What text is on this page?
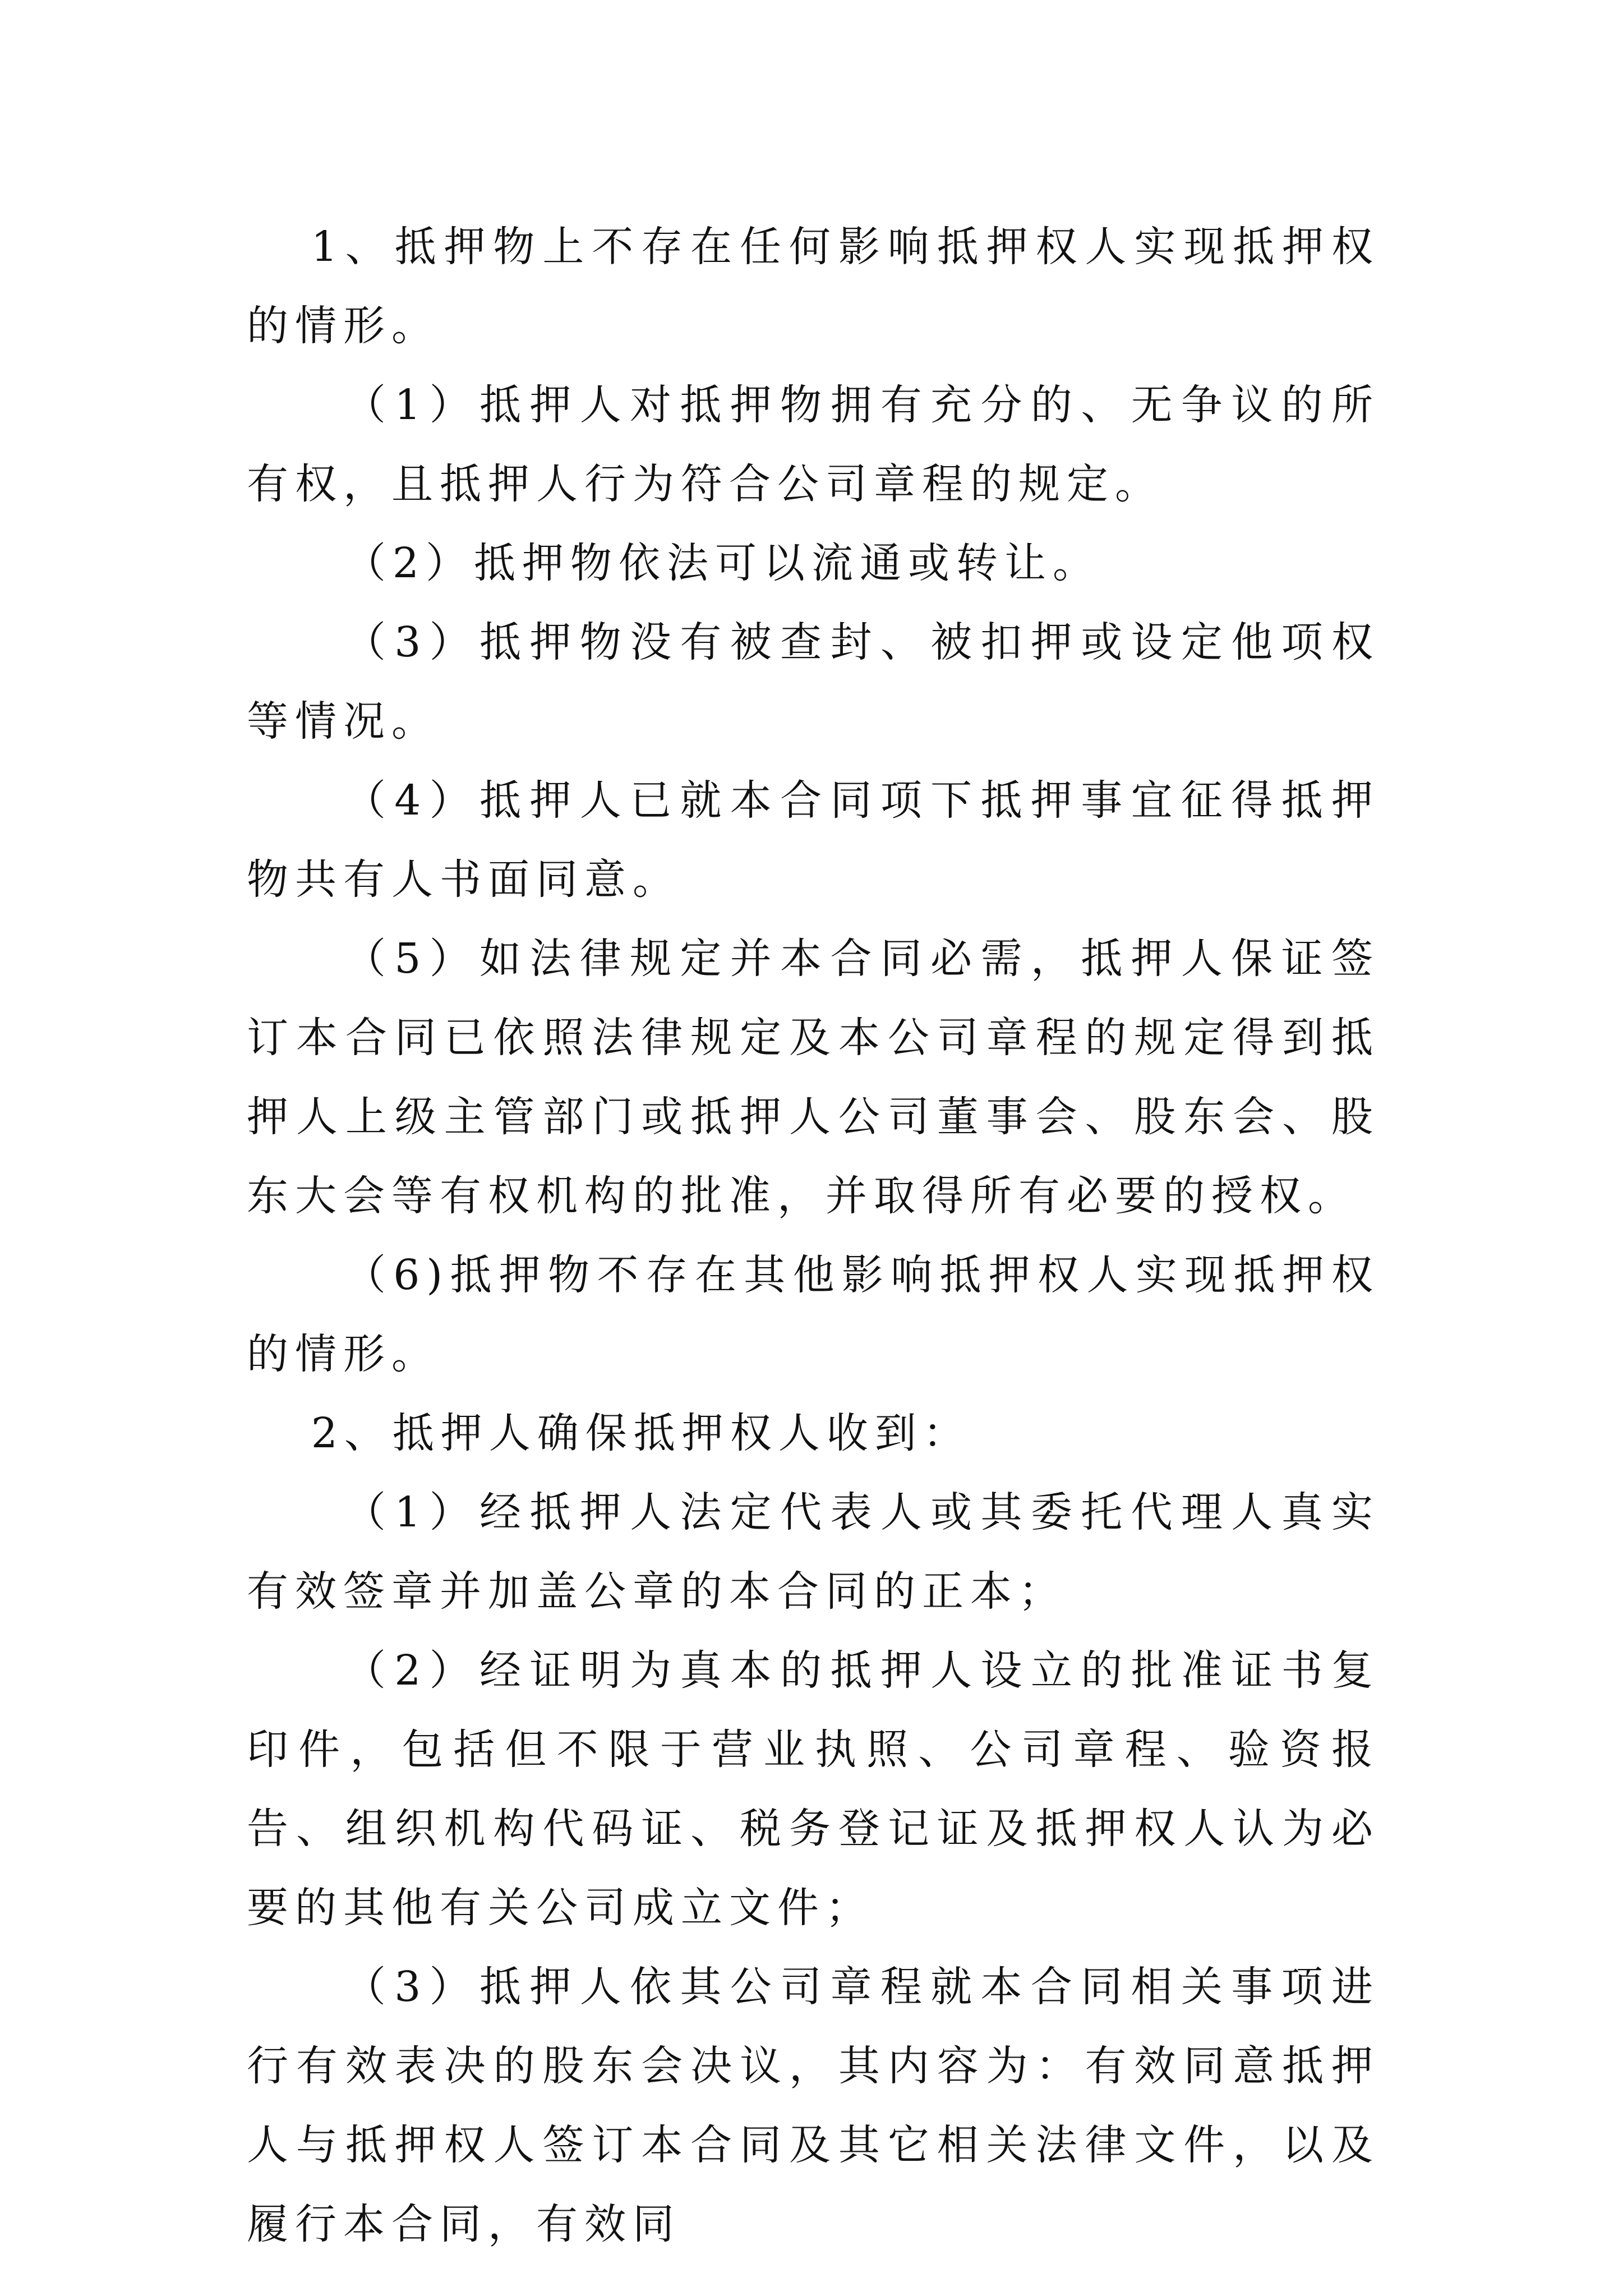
1、抵押物上不存在任何影响抵押权人实现抵押权的情形。

（1）抵押人对抵押物拥有充分的、无争议的所有权，且抵押人行为符合公司章程的规定。

（2）抵押物依法可以流通或转让。

（3）抵押物没有被查封、被扣押或设定他项权等情况。

（4）抵押人已就本合同项下抵押事宜征得抵押物共有人书面同意。

（5）如法律规定并本合同必需，抵押人保证签订本合同已依照法律规定及本公司章程的规定得到抵押人上级主管部门或抵押人公司董事会、股东会、股东大会等有权机构的批准，并取得所有必要的授权。

（6)抵押物不存在其他影响抵押权人实现抵押权的情形。

2、抵押人确保抵押权人收到：

（1）经抵押人法定代表人或其委托代理人真实有效签章并加盖公章的本合同的正本；

（2）经证明为真本的抵押人设立的批准证书复印件，包括但不限于营业执照、公司章程、验资报告、组织机构代码证、税务登记证及抵押权人认为必要的其他有关公司成立文件；

（3）抵押人依其公司章程就本合同相关事项进行有效表决的股东会决议，其内容为：有效同意抵押人与抵押权人签订本合同及其它相关法律文件，以及履行本合同，有效同
